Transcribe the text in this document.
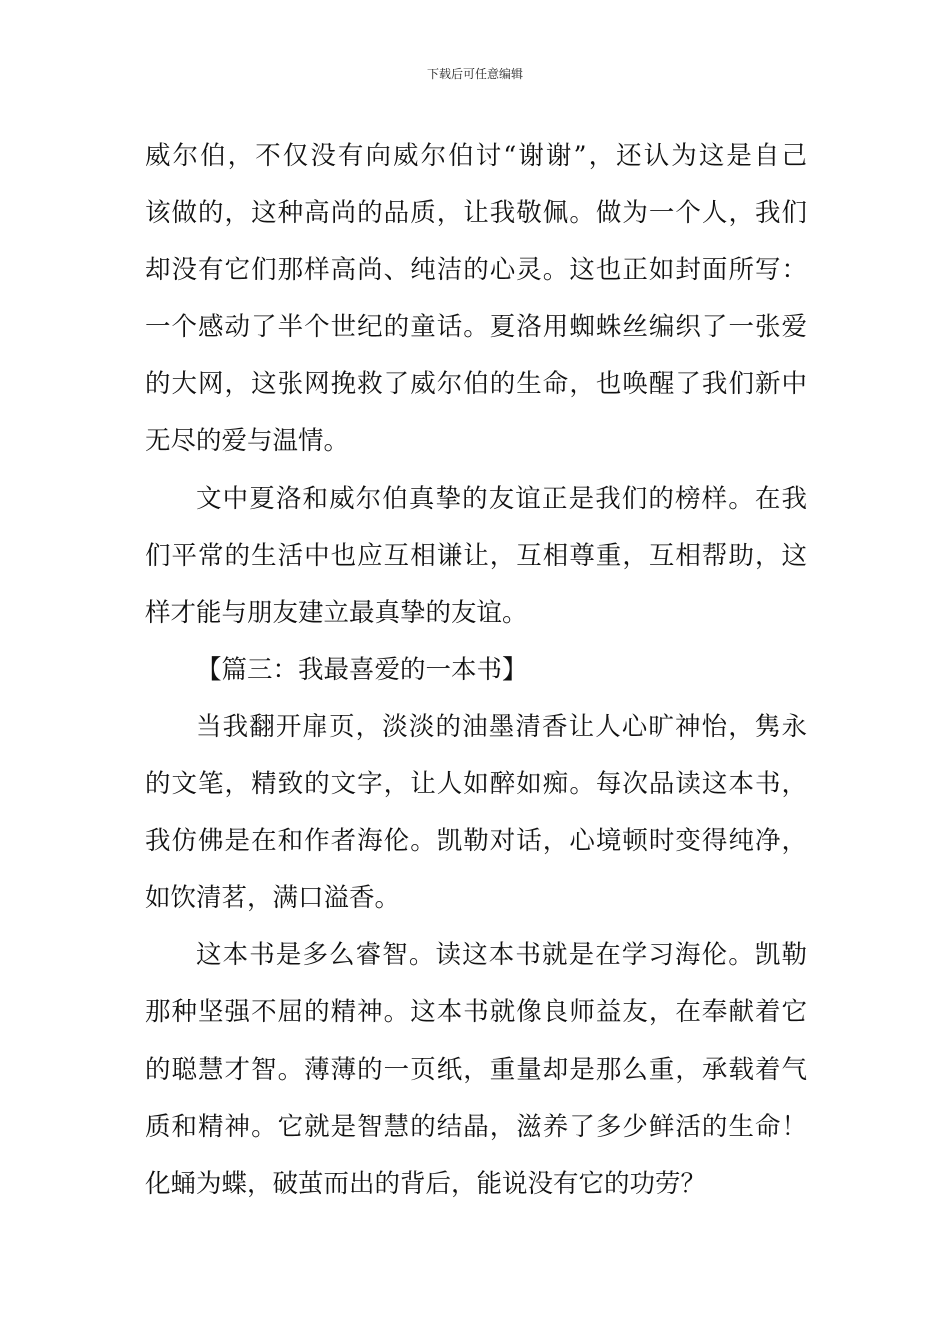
下载后可任意编辑
威尔伯，不仅没有向威尔伯讨“谢谢”，还认为这是自己
该做的，这种高尚的品质，让我敬佩。做为一个人，我们
却没有它们那样高尚、纯洁的心灵。这也正如封面所写：
一个感动了半个世纪的童话。夏洛用蜘蛛丝编织了一张爱
的大网，这张网挽救了威尔伯的生命，也唤醒了我们新中
无尽的爱与温情。
文中夏洛和威尔伯真挚的友谊正是我们的榜样。在我
们平常的生活中也应互相谦让，互相尊重，互相帮助，这
样才能与朋友建立最真挚的友谊。
【篇三：我最喜爱的一本书】
当我翻开扉页，淡淡的油墨清香让人心旷神怡，隽永
的文笔，精致的文字，让人如醉如痴。每次品读这本书，
我仿佛是在和作者海伦。凯勒对话，心境顿时变得纯净，
如饮清茗，满口溢香。
这本书是多么睿智。读这本书就是在学习海伦。凯勒
那种坚强不屈的精神。这本书就像良师益友，在奉献着它
的聪慧才智。薄薄的一页纸，重量却是那么重，承载着气
质和精神。它就是智慧的结晶，滋养了多少鲜活的生命！
化蛹为蝶，破茧而出的背后，能说没有它的功劳？
